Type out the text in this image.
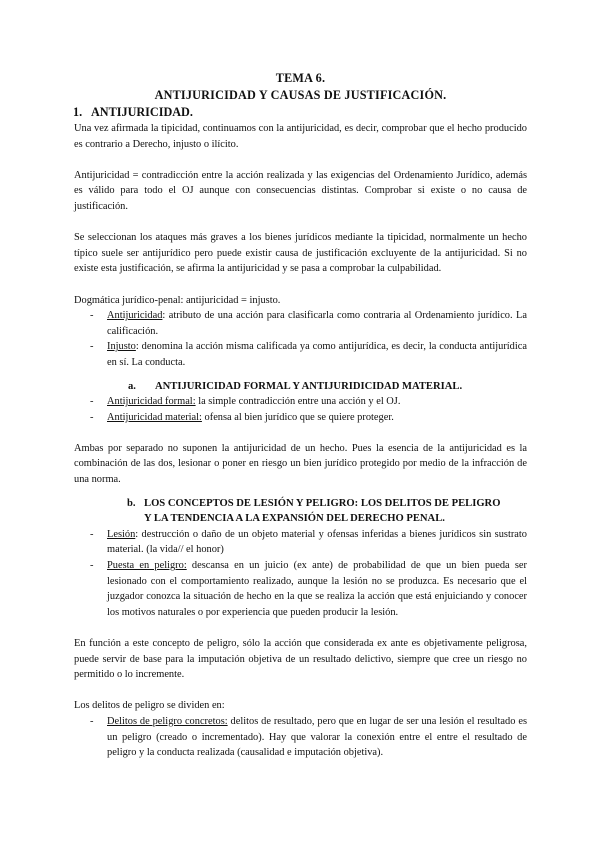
TEMA 6.
ANTIJURICIDAD Y CAUSAS DE JUSTIFICACIÓN.
1. ANTIJURICIDAD.

Una vez afirmada la tipicidad, continuamos con la antijuricidad, es decir, comprobar que el hecho producido es contrario a Derecho, injusto o ilícito.

Antijuricidad = contradicción entre la acción realizada y las exigencias del Ordenamiento Jurídico, además es válido para todo el OJ aunque con consecuencias distintas. Comprobar si existe o no causa de justificación.

Se seleccionan los ataques más graves a los bienes jurídicos mediante la tipicidad, normalmente un hecho típico suele ser antijurídico pero puede existir causa de justificación excluyente de la antijuricidad. Si no existe esta justificación, se afirma la antijuricidad y se pasa a comprobar la culpabilidad.

Dogmática jurídico-penal: antijuricidad = injusto.

- Antijuricidad: atributo de una acción para clasificarla como contraria al Ordenamiento jurídico. La calificación.
- Injusto: denomina la acción misma calificada ya como antijurídica, es decir, la conducta antijurídica en sí. La conducta.
a. ANTIJURICIDAD FORMAL Y ANTIJURIDICIDAD MATERIAL.
- Antijuricidad formal: la simple contradicción entre una acción y el OJ.
- Antijuricidad material: ofensa al bien jurídico que se quiere proteger.

Ambas por separado no suponen la antijuricidad de un hecho. Pues la esencia de la antijuricidad es la combinación de las dos, lesionar o poner en riesgo un bien jurídico protegido por medio de la infracción de una norma.

b. LOS CONCEPTOS DE LESIÓN Y PELIGRO: LOS DELITOS DE PELIGRO
Y LA TENDENCIA A LA EXPANSIÓN DEL DERECHO PENAL.
- Lesión: destrucción o daño de un objeto material y ofensas inferidas a bienes jurídicos sin sustrato material. (la vida// el honor)
- Puesta en peligro: descansa en un juicio (ex ante) de probabilidad de que un bien pueda ser lesionado con el comportamiento realizado, aunque la lesión no se produzca. Es necesario que el juzgador conozca la situación de hecho en la que se realiza la acción que está enjuiciando y conocer los motivos naturales o por experiencia que pueden producir la lesión.

En función a este concepto de peligro, sólo la acción que considerada ex ante es objetivamente peligrosa, puede servir de base para la imputación objetiva de un resultado delictivo, siempre que cree un riesgo no permitido o lo incremente.

Los delitos de peligro se dividen en:

- Delitos de peligro concretos: delitos de resultado, pero que en lugar de ser una lesión el resultado es un peligro (creado o incrementado). Hay que valorar la conexión entre el entre el resultado de peligro y la conducta realizada (causalidad e imputación objetiva).
